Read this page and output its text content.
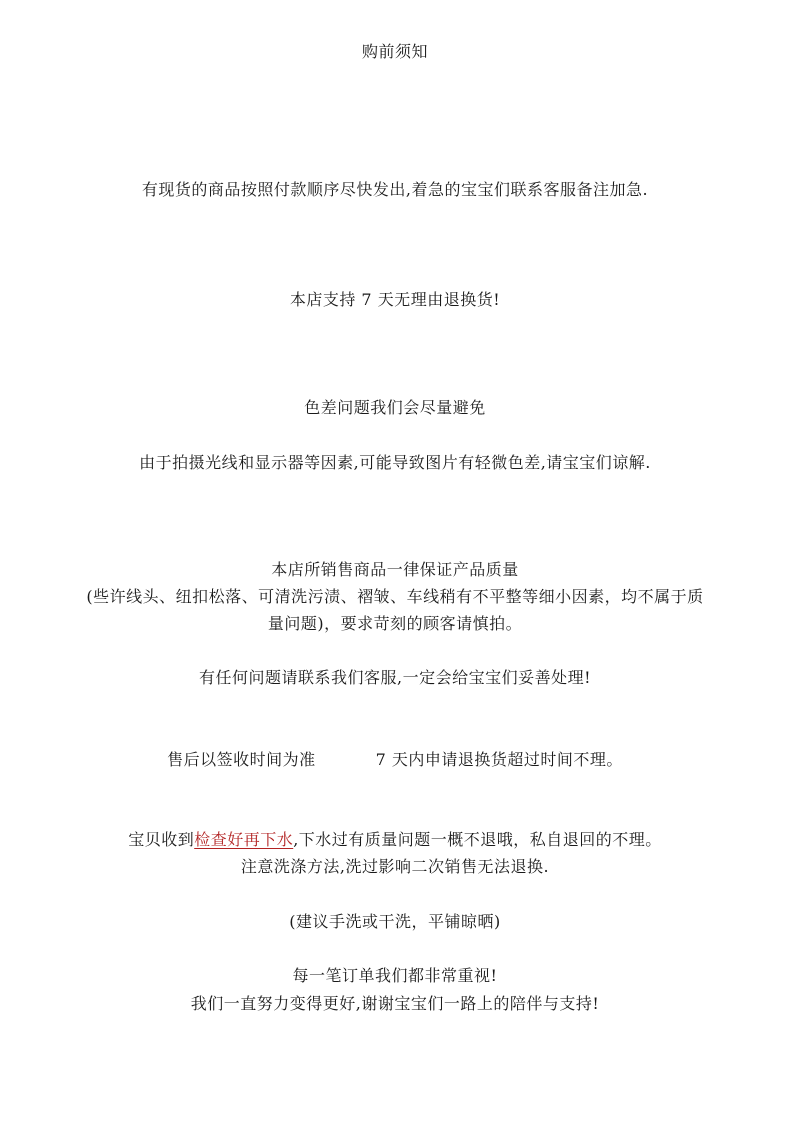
购前须知
有现货的商品按照付款顺序尽快发出,着急的宝宝们联系客服备注加急.
本店支持 7 天无理由退换货!
色差问题我们会尽量避免
由于拍摄光线和显示器等因素,可能导致图片有轻微色差,请宝宝们谅解.
本店所销售商品一律保证产品质量
(些许线头、纽扣松落、可清洗污渍、褶皱、车线稍有不平整等细小因素，均不属于质
量问题)，要求苛刻的顾客请慎拍。
有任何问题请联系我们客服,一定会给宝宝们妥善处理!
售后以签收时间为准	7 天内申请退换货超过时间不理。
宝贝收到检查好再下水,下水过有质量问题一概不退哦，私自退回的不理。
注意洗涤方法,洗过影响二次销售无法退换.
(建议手洗或干洗，平铺晾晒)
每一笔订单我们都非常重视!
我们一直努力变得更好,谢谢宝宝们一路上的陪伴与支持!
